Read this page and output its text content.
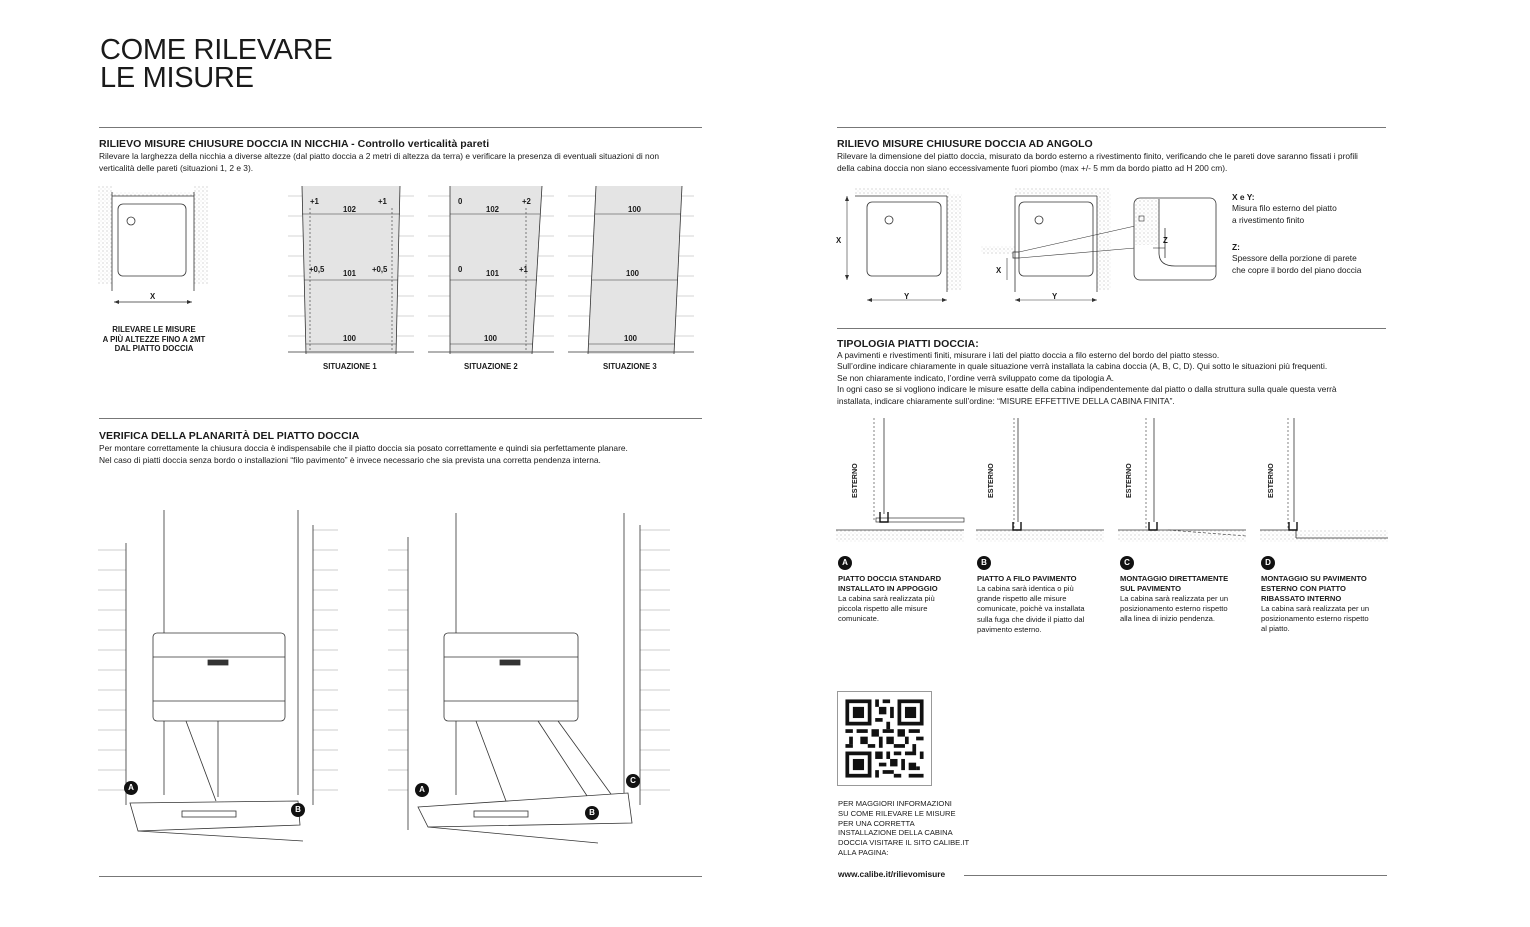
COME RILEVARE
LE MISURE
RILIEVO MISURE CHIUSURE DOCCIA IN NICCHIA - Controllo verticalità pareti
Rilevare la larghezza della nicchia a diverse altezze (dal piatto doccia a 2 metri di altezza da terra) e verificare la presenza di eventuali situazioni di non
verticalità delle pareti (situazioni 1, 2 e 3).
X
RILEVARE LE MISURE
A PIÙ ALTEZZE FINO A 2MT
DAL PIATTO DOCCIA
102
+1	+1
101
+0,5	+0,5
100
SITUAZIONE 1
102
0	+2
101
0	+1
100
SITUAZIONE 2
100
100
100
SITUAZIONE 3
VERIFICA DELLA PLANARITÀ DEL PIATTO DOCCIA
Per montare correttamente la chiusura doccia è indispensabile che il piatto doccia sia posato correttamente e quindi sia perfettamente planare.
Nel caso di piatti doccia senza bordo o installazioni “filo pavimento” è invece necessario che sia prevista una corretta pendenza interna.
A
B
A
B
C
RILIEVO MISURE CHIUSURE DOCCIA AD ANGOLO
Rilevare la dimensione del piatto doccia, misurato da bordo esterno a rivestimento finito, verificando che le pareti dove saranno fissati i profili
della cabina doccia non siano eccessivamente fuori piombo (max +/- 5 mm da bordo piatto ad H 200 cm).
X
Y
X
Y
Z
X e Y:
Misura filo esterno del piatto
a rivestimento finito
Z:
Spessore della porzione di parete
che copre il bordo del piano doccia
TIPOLOGIA PIATTI DOCCIA:
A pavimenti e rivestimenti finiti, misurare i lati del piatto doccia a filo esterno del bordo del piatto stesso.
Sull’ordine indicare chiaramente in quale situazione verrà installata la cabina doccia (A, B, C, D). Qui sotto le situazioni più frequenti.
Se non chiaramente indicato, l’ordine verrà sviluppato come da tipologia A.
In ogni caso se si vogliono indicare le misure esatte della cabina indipendentemente dal piatto o dalla struttura sulla quale questa verrà
installata, indicare chiaramente sull’ordine: “MISURE EFFETTIVE DELLA CABINA FINITA”.
ESTERNO	ESTERNO	ESTERNO	ESTERNO
A
PIATTO DOCCIA STANDARD
INSTALLATO IN APPOGGIO
La cabina sarà realizzata più
piccola rispetto alle misure
comunicate.
B
PIATTO A FILO PAVIMENTO
La cabina sarà identica o più
grande rispetto alle misure
comunicate, poichè va installata
sulla fuga che divide il piatto dal
pavimento esterno.
C
MONTAGGIO DIRETTAMENTE
SUL PAVIMENTO
La cabina sarà realizzata per un
posizionamento esterno rispetto
alla linea di inizio pendenza.
D
MONTAGGIO SU PAVIMENTO
ESTERNO CON PIATTO
RIBASSATO INTERNO
La cabina sarà realizzata per un
posizionamento esterno rispetto
al piatto.
PER MAGGIORI INFORMAZIONI
SU COME RILEVARE LE MISURE
PER UNA CORRETTA
INSTALLAZIONE DELLA CABINA
DOCCIA VISITARE IL SITO CALIBE.IT
ALLA PAGINA:
www.calibe.it/rilievomisure
